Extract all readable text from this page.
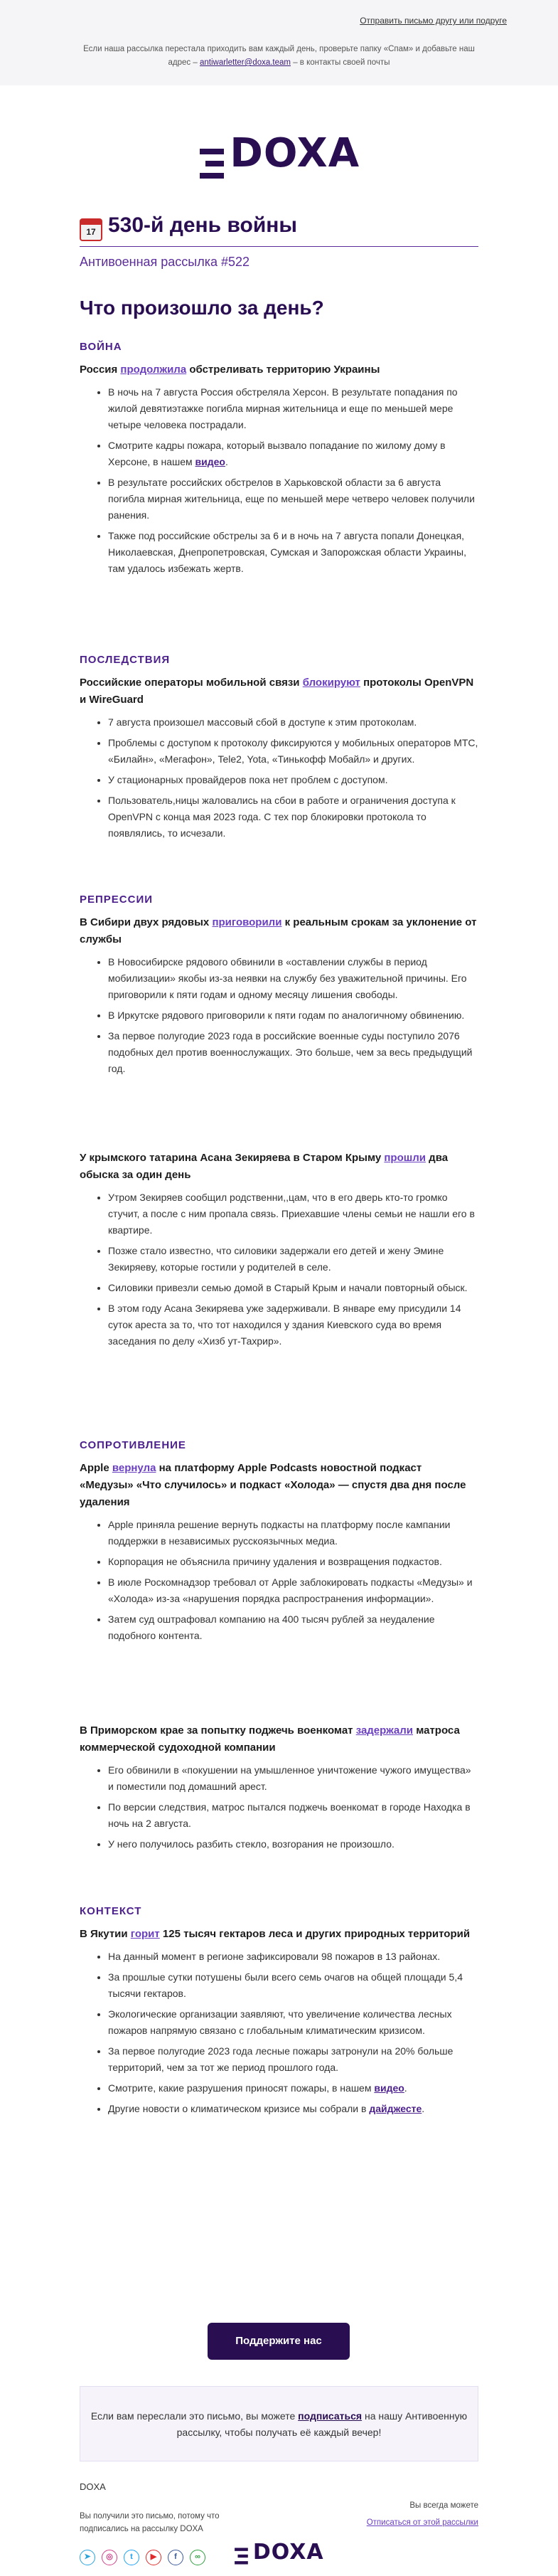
Отправить письмо другу или подруге
Если наша рассылка перестала приходить вам каждый день, проверьте папку «Спам» и добавьте наш адрес – antiwarletter@doxa.team – в контакты своей почты
DOXA
17 530-й день войны
Антивоенная рассылка #522
Что произошло за день?
ВОЙНА
Россия продолжила обстреливать территорию Украины
• В ночь на 7 августа Россия обстреляла Херсон. В результате попадания по жилой девятиэтажке погибла мирная жительница и еще по меньшей мере четыре человека пострадали.
• Смотрите кадры пожара, который вызвало попадание по жилому дому в Херсоне, в нашем видео.
• В результате российских обстрелов в Харьковской области за 6 августа погибла мирная жительница, еще по меньшей мере четверо человек получили ранения.
• Также под российские обстрелы за 6 и в ночь на 7 августа попали Донецкая, Николаевская, Днепропетровская, Сумская и Запорожская области Украины, там удалось избежать жертв.
ПОСЛЕДСТВИЯ
Российские операторы мобильной связи блокируют протоколы OpenVPN и WireGuard
• 7 августа произошел массовый сбой в доступе к этим протоколам.
• Проблемы с доступом к протоколу фиксируются у мобильных операторов МТС, «Билайн», «Мегафон», Tele2, Yota, «Тинькофф Мобайл» и других.
• У стационарных провайдеров пока нет проблем с доступом.
• Пользователь,ницы жаловались на сбои в работе и ограничения доступа к OpenVPN с конца мая 2023 года. С тех пор блокировки протокола то появлялись, то исчезали.
РЕПРЕССИИ
В Сибири двух рядовых приговорили к реальным срокам за уклонение от службы
• В Новосибирске рядового обвинили в «оставлении службы в период мобилизации» якобы из-за неявки на службу без уважительной причины. Его приговорили к пяти годам и одному месяцу лишения свободы.
• В Иркутске рядового приговорили к пяти годам по аналогичному обвинению.
• За первое полугодие 2023 года в российские военные суды поступило 2076 подобных дел против военнослужащих. Это больше, чем за весь предыдущий год.
У крымского татарина Асана Зекиряева в Старом Крыму прошли два обыска за один день
• Утром Зекиряев сообщил родственни,,цам, что в его дверь кто-то громко стучит, а после с ним пропала связь. Приехавшие члены семьи не нашли его в квартире.
• Позже стало известно, что силовики задержали его детей и жену Эмине Зекиряеву, которые гостили у родителей в селе.
• Силовики привезли семью домой в Старый Крым и начали повторный обыск.
• В этом году Асана Зекиряева уже задерживали. В январе ему присудили 14 суток ареста за то, что тот находился у здания Киевского суда во время заседания по делу «Хизб ут-Тахрир».
СОПРОТИВЛЕНИЕ
Apple вернула на платформу Apple Podcasts новостной подкаст «Медузы» «Что случилось» и подкаст «Холода» — спустя два дня после удаления
• Apple приняла решение вернуть подкасты на платформу после кампании поддержки в независимых русскоязычных медиа.
• Корпорация не объяснила причину удаления и возвращения подкастов.
• В июле Роскомнадзор требовал от Apple заблокировать подкасты «Медузы» и «Холода» из-за «нарушения порядка распространения информации».
• Затем суд оштрафовал компанию на 400 тысяч рублей за неудаление подобного контента.
В Приморском крае за попытку поджечь военкомат задержали матроса коммерческой судоходной компании
• Его обвинили в «покушении на умышленное уничтожение чужого имущества» и поместили под домашний арест.
• По версии следствия, матрос пытался поджечь военкомат в городе Находка в ночь на 2 августа.
• У него получилось разбить стекло, возгорания не произошло.
КОНТЕКСТ
В Якутии горит 125 тысяч гектаров леса и других природных территорий
• На данный момент в регионе зафиксировали 98 пожаров в 13 районах.
• За прошлые сутки потушены были всего семь очагов на общей площади 5,4 тысячи гектаров.
• Экологические организации заявляют, что увеличение количества лесных пожаров напрямую связано с глобальным климатическим кризисом.
• За первое полугодие 2023 года лесные пожары затронули на 20% больше территорий, чем за тот же период прошлого года.
• Смотрите, какие разрушения приносят пожары, в нашем видео.
• Другие новости о климатическом кризисе мы собрали в дайджесте.
Поддержите нас
Если вам переслали это письмо, вы можете подписаться на нашу Антивоенную рассылку, чтобы получать её каждый вечер!
DOXA
Вы получили это письмо, потому что подписались на рассылку DOXA
Вы всегда можете
Отписаться от этой рассылки
➤ ◎ t ▶ f ∞	DOXA
